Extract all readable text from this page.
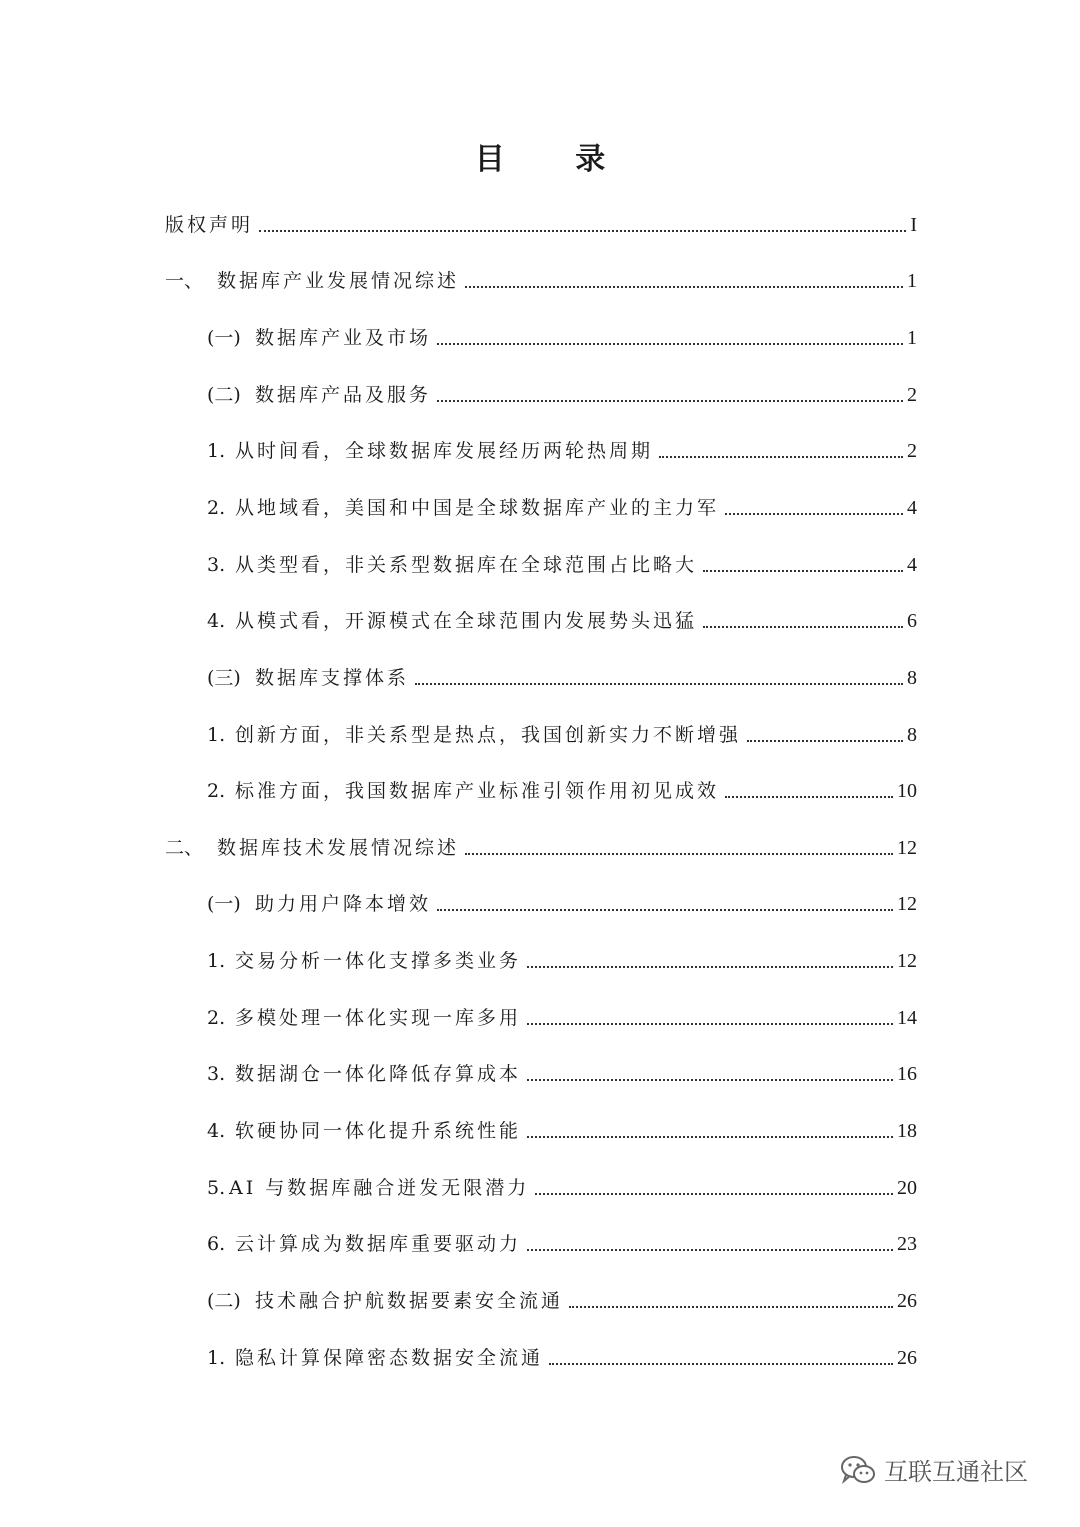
目 录
版权声明	I
一、 数据库产业发展情况综述	1
(一) 数据库产业及市场	1
(二) 数据库产品及服务	2
1. 从时间看，全球数据库发展经历两轮热周期	2
2. 从地域看，美国和中国是全球数据库产业的主力军	4
3. 从类型看，非关系型数据库在全球范围占比略大	4
4. 从模式看，开源模式在全球范围内发展势头迅猛	6
(三) 数据库支撑体系	8
1. 创新方面，非关系型是热点，我国创新实力不断增强	8
2. 标准方面，我国数据库产业标准引领作用初见成效	10
二、 数据库技术发展情况综述	12
(一) 助力用户降本增效	12
1. 交易分析一体化支撑多类业务	12
2. 多模处理一体化实现一库多用	14
3. 数据湖仓一体化降低存算成本	16
4. 软硬协同一体化提升系统性能	18
5. AI 与数据库融合迸发无限潜力	20
6. 云计算成为数据库重要驱动力	23
(二) 技术融合护航数据要素安全流通	26
1. 隐私计算保障密态数据安全流通	26
互联互通社区
